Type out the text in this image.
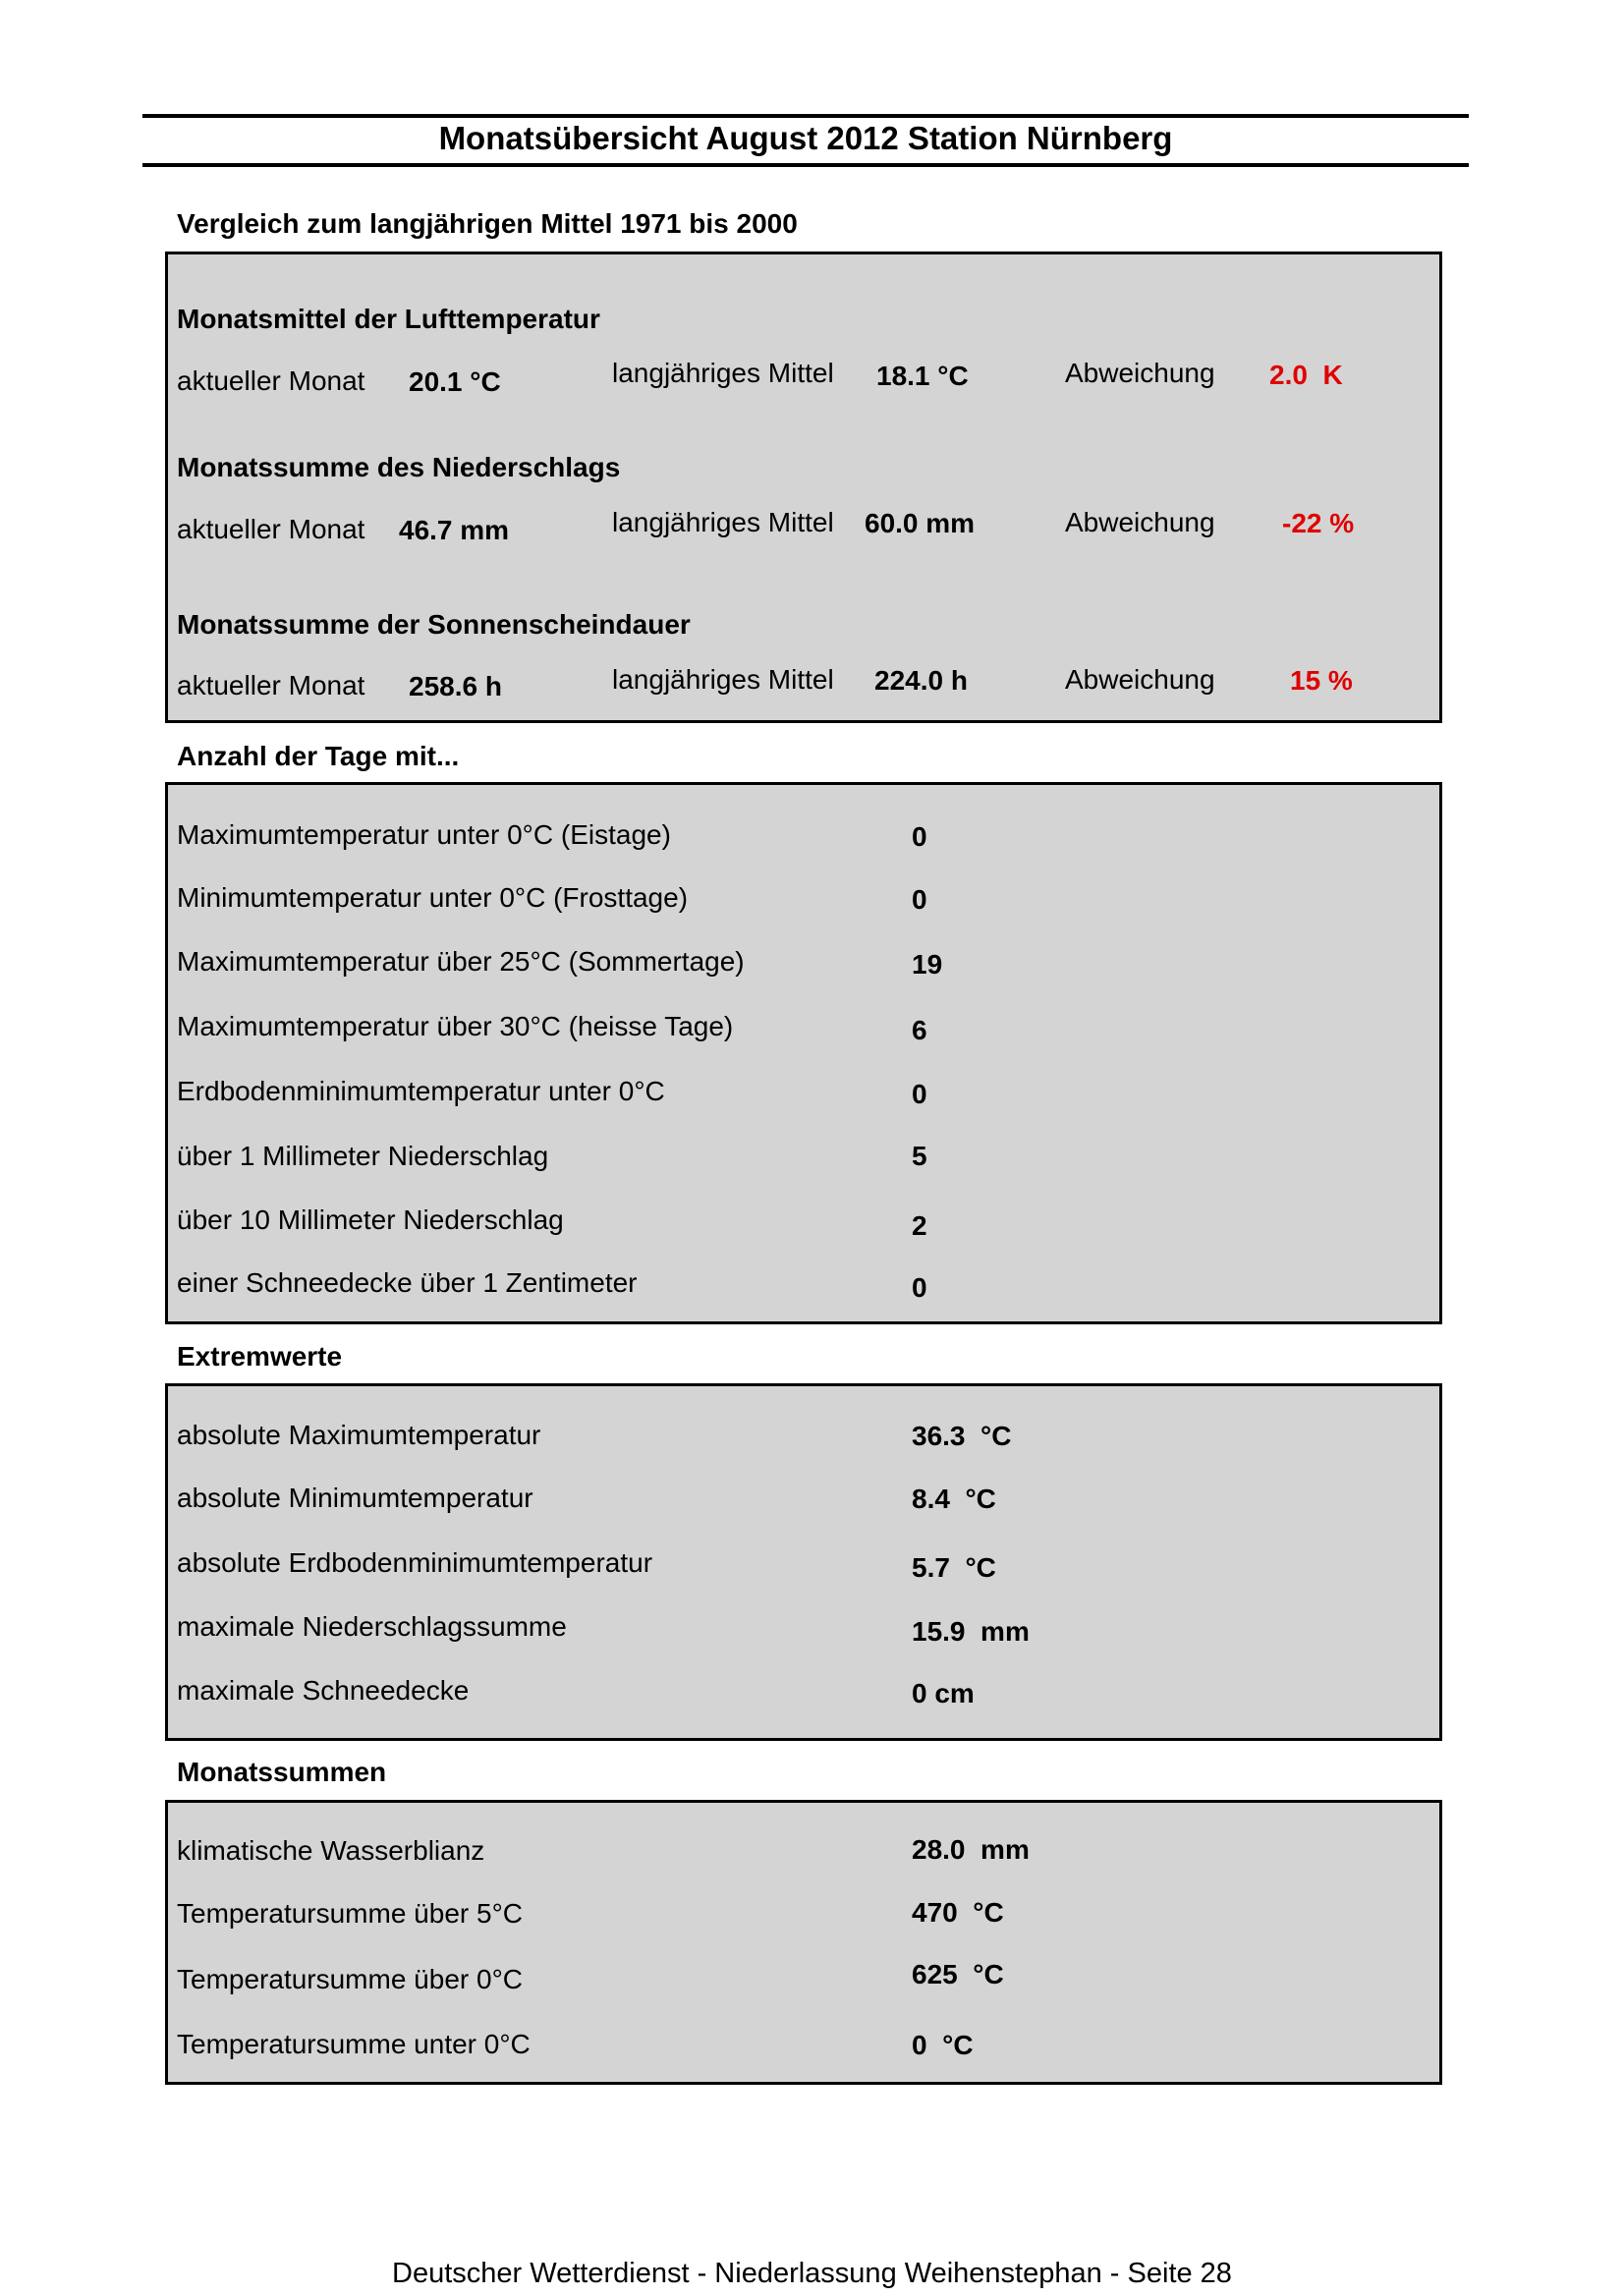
Monatsübersicht August 2012 Station Nürnberg
Vergleich zum langjährigen Mittel 1971 bis 2000
Monatsmittel der Lufttemperatur
aktueller Monat 20.1 °C	langjähriges Mittel 18.1 °C	Abweichung 2.0  K
Monatssumme des Niederschlags
aktueller Monat 46.7 mm	langjähriges Mittel 60.0 mm	Abweichung -22 %
Monatssumme der Sonnenscheindauer
aktueller Monat 258.6 h	langjähriges Mittel 224.0 h	Abweichung	15 %
Anzahl der Tage mit...
Maximumtemperatur unter 0°C (Eistage)	0
Minimumtemperatur unter 0°C (Frosttage)	0
Maximumtemperatur über 25°C (Sommertage)	19
Maximumtemperatur über 30°C (heisse Tage)	6
Erdbodenminimumtemperatur unter 0°C	0
über 1 Millimeter Niederschlag	5
über 10 Millimeter Niederschlag	2
einer Schneedecke über 1 Zentimeter	0
Extremwerte
absolute Maximumtemperatur	36.3  °C
absolute Minimumtemperatur	8.4  °C
absolute Erdbodenminimumtemperatur	5.7  °C
maximale Niederschlagssumme	15.9  mm
maximale Schneedecke	0 cm
Monatssummen
klimatische Wasserblianz	28.0  mm
Temperatursumme über 5°C	470  °C
Temperatursumme über 0°C	625  °C
Temperatursumme unter 0°C	0  °C
Deutscher Wetterdienst - Niederlassung Weihenstephan - Seite 28
